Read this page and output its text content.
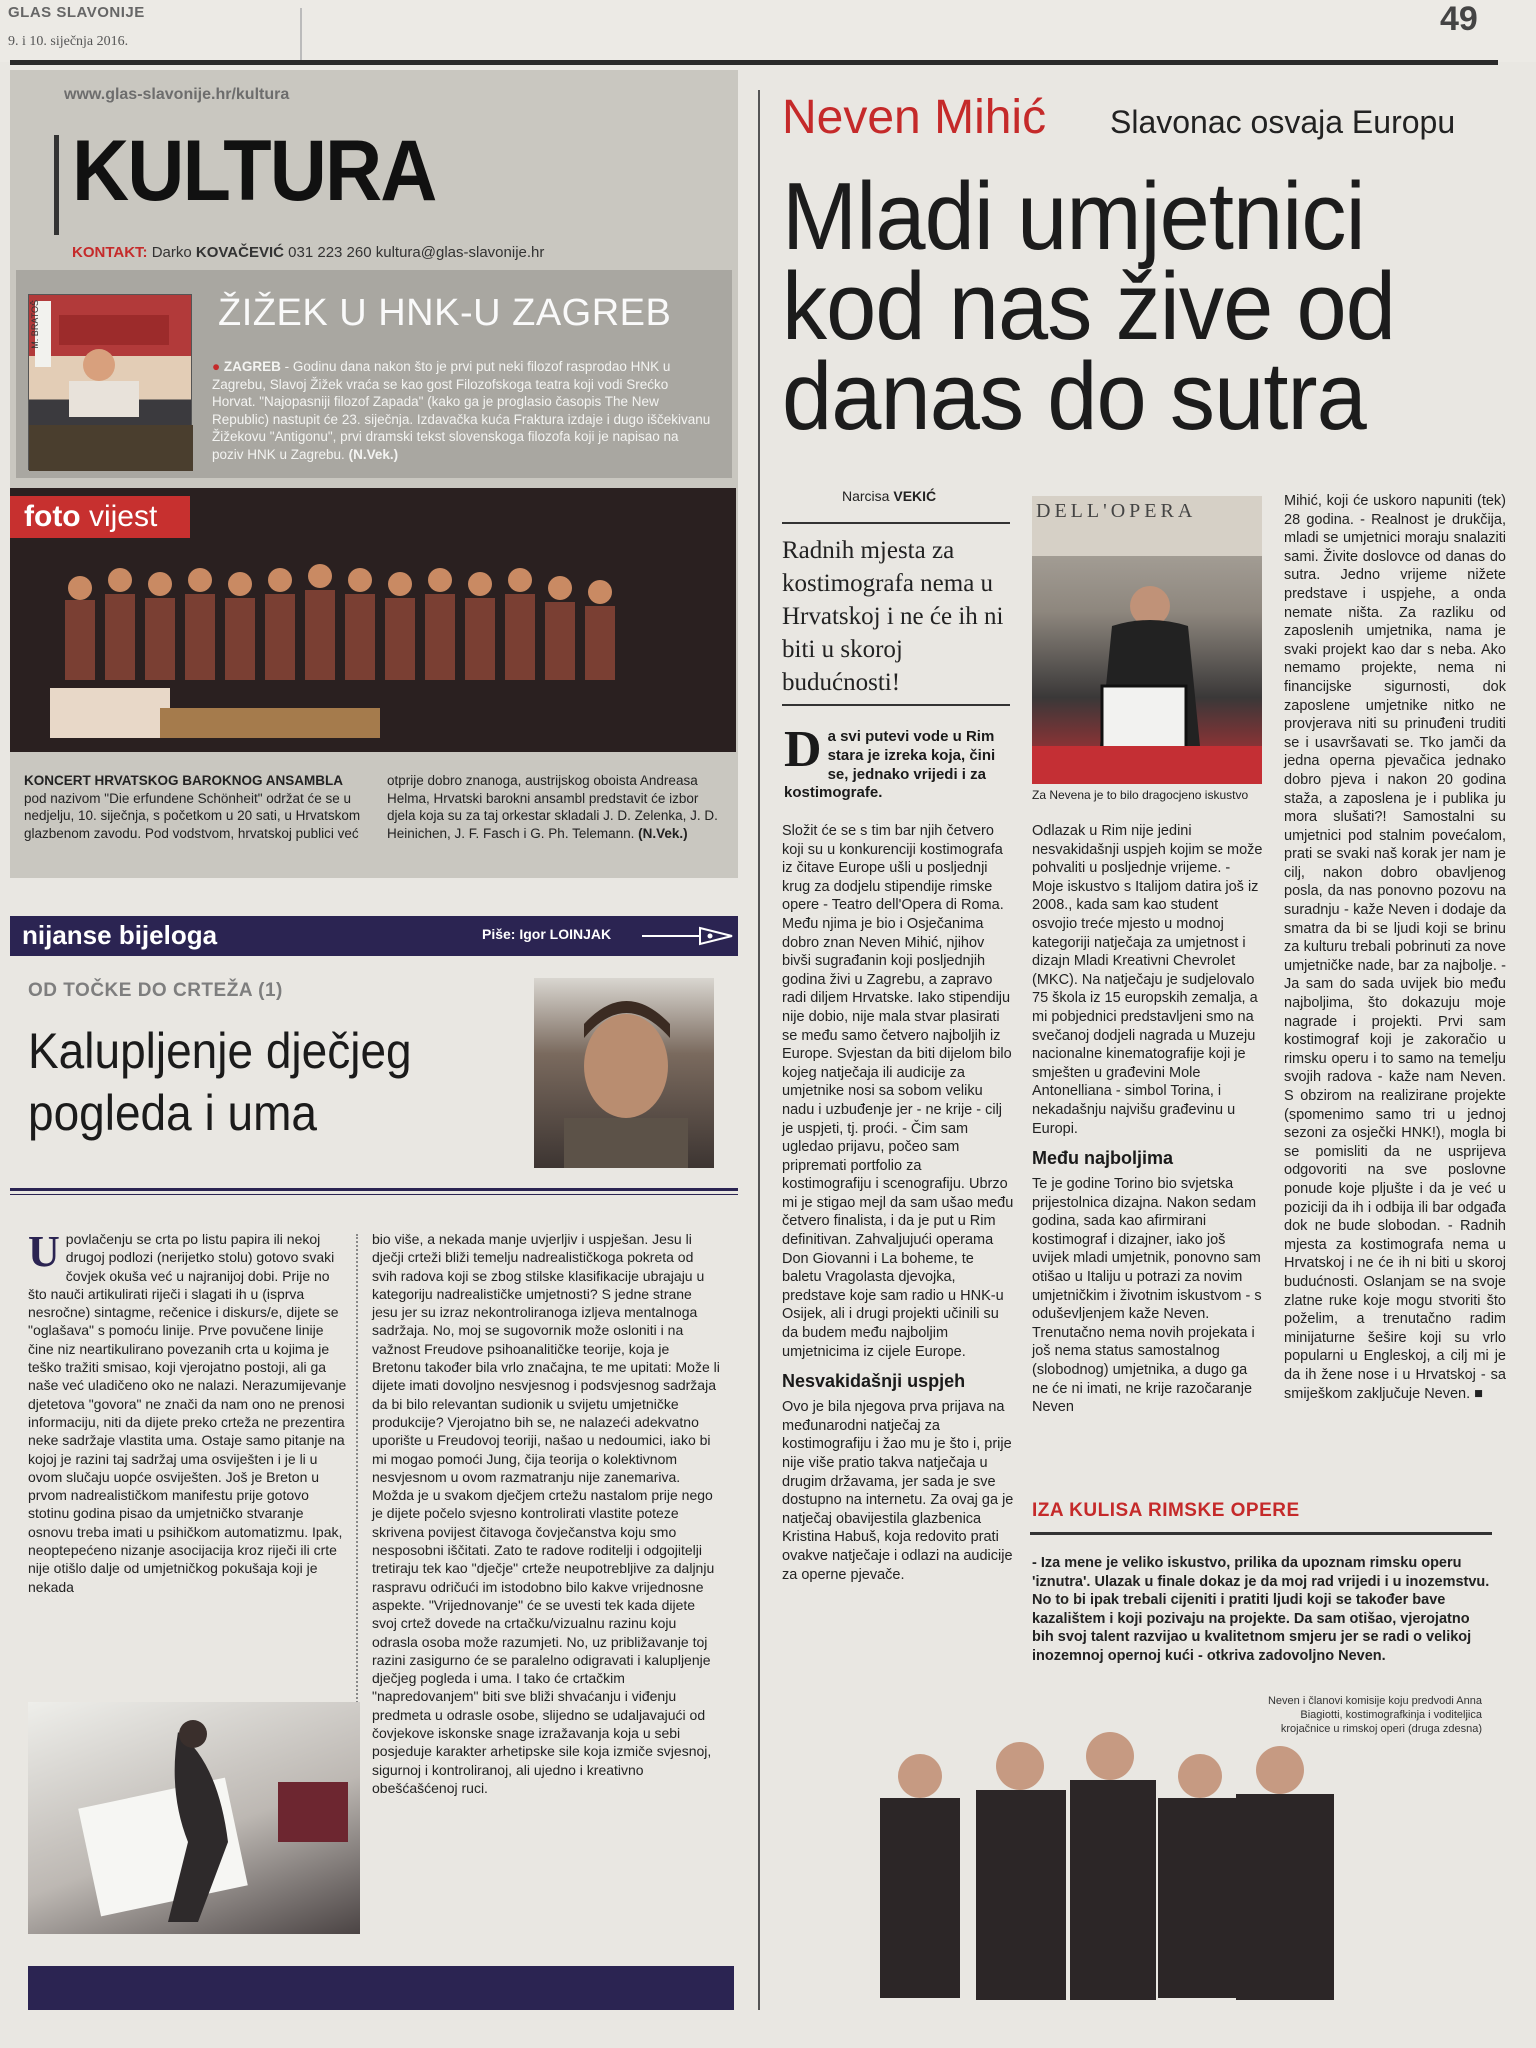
GLAS SLAVONIJE
9. i 10. siječnja 2016.
49
www.glas-slavonije.hr/kultura
KULTURA
KONTAKT: Darko KOVAČEVIĆ 031 223 260 kultura@glas-slavonije.hr
M. BRATOŠ	ŽIŽEK U HNK-U ZAGREB
● ZAGREB - Godinu dana nakon što je prvi put neki filozof rasprodao HNK u Zagrebu, Slavoj Žižek vraća se kao gost Filozofskoga teatra koji vodi Srećko Horvat. "Najopasniji filozof Zapada" (kako ga je proglasio časopis The New Republic) nastupit će 23. siječnja. Izdavačka kuća Fraktura izdaje i dugo iščekivanu Žižekovu "Antigonu", prvi dramski tekst slovenskoga filozofa koji je napisao na poziv HNK u Zagrebu. (N.Vek.)
foto vijest
KONCERT HRVATSKOG BAROKNOG ANSAMBLA pod nazivom "Die erfundene Schönheit" održat će se u nedjelju, 10. siječnja, s početkom u 20 sati, u Hrvatskom glazbenom zavodu. Pod vodstvom, hrvatskoj publici već otprije dobro znanoga, austrijskog oboista Andreasa Helma, Hrvatski barokni ansambl predstavit će izbor djela koja su za taj orkestar skladali J. D. Zelenka, J. D. Heinichen, J. F. Fasch i G. Ph. Telemann. (N.Vek.)
nijanse bijeloga	Piše: Igor LOINJAK
OD TOČKE DO CRTEŽA (1)
Kalupljenje dječjeg pogleda i uma
Upovlačenju se crta po listu papira ili nekoj drugoj podlozi (nerijetko stolu) gotovo svaki čovjek okuša već u najranijoj dobi. Prije no što nauči artikulirati riječi i slagati ih u (isprva nesročne) sintagme, rečenice i diskurs/e, dijete se "oglašava" s pomoću linije. Prve povučene linije čine niz neartikulirano povezanih crta u kojima je teško tražiti smisao, koji vjerojatno postoji, ali ga naše već uladičeno oko ne nalazi. Nerazumijevanje djetetova "govora" ne znači da nam ono ne prenosi informaciju, niti da dijete preko crteža ne prezentira neke sadržaje vlastita uma. Ostaje samo pitanje na kojoj je razini taj sadržaj uma osviješten i je li u ovom slučaju uopće osviješten. Još je Breton u prvom nadrealističkom manifestu prije gotovo stotinu godina pisao da umjetničko stvaranje osnovu treba imati u psihičkom automatizmu. Ipak, neoptерećeno nizanje asocijacija kroz riječi ili crte nije otišlo dalje od umjetničkog pokušaja koji je nekada
bio više, a nekada manje uvjerljiv i uspješan. Jesu li dječji crteži bliži temelju nadrealističkoga pokreta od svih radova koji se zbog stilske klasifikacije ubrajaju u kategoriju nadrealističke umjetnosti? S jedne strane jesu jer su izraz nekontroliranoga izljeva mentalnoga sadržaja. No, moj se sugovornik može osloniti i na važnost Freudove psihoanalitičke teorije, koja je Bretonu također bila vrlo značajna, te me upitati: Može li dijete imati dovoljno nesvjesnog i podsvjesnog sadržaja da bi bilo relevantan sudionik u svijetu umjetničke produkcije? Vjerojatno bih se, ne nalazeći adekvatno uporište u Freudovoj teoriji, našao u nedoumici, iako bi mi mogao pomoći Jung, čija teorija o kolektivnom nesvjesnom u ovom razmatranju nije zanemariva. Možda je u svakom dječjem crtežu nastalom prije nego je dijete počelo svjesno kontrolirati vlastite poteze skrivena povijest čitavoga čovječanstva koju smo nesposobni iščitati. Zato te radove roditelji i odgojitelji tretiraju tek kao "dječje" crteže neupotrebljive za daljnju raspravu odričući im istodobno bilo kakve vrijednosne aspekte. "Vrijednovanje" će se uvesti tek kada dijete svoj crtež dovede na crtačku/vizualnu razinu koju odrasla osoba može razumjeti. No, uz približavanje toj razini zasigurno će se paralelno odigravati i kalupljenje dječjeg pogleda i uma. I tako će crtačkim "napredovanjem" biti sve bliži shvaćanju i viđenju predmeta u odrasle osobe, slijedno se udaljavajući od čovjekove iskonske snage izražavanja koja u sebi posjeduje karakter arhetipske sile koja izmiče svjesnoj, sigurnoj i kontroliranoj, ali ujedno i kreativno obešćašćenoj ruci.
Neven Mihić Slavonac osvaja Europu
Mladi umjetnici kod nas žive od danas do sutra
Narcisa VEKIĆ
Radnih mjesta za kostimografa nema u Hrvatskoj i ne će ih ni biti u skoroj budućnosti!
Da svi putevi vode u Rim stara je izreka koja, čini se, jednako vrijedi i za kostimografe.
DELL'OPERA
Za Nevena je to bilo dragocjeno iskustvo
Složit će se s tim bar njih četvero koji su u konkurenciji kostimografa iz čitave Europe ušli u posljednji krug za dodjelu stipendije rimske opere - Teatro dell'Opera di Roma. Među njima je bio i Osječanima dobro znan Neven Mihić, njihov bivši sugrađanin koji posljednjih godina živi u Zagrebu, a zapravo radi diljem Hrvatske. Iako stipendiju nije dobio, nije mala stvar plasirati se među samo četvero najboljih iz Europe. Svjestan da biti dijelom bilo kojeg natječaja ili audicije za umjetnike nosi sa sobom veliku nadu i uzbuđenje jer - ne krije - cilj je uspjeti, tj. proći. - Čim sam ugledao prijavu, počeo sam pripremati portfolio za kostimografiju i scenografiju. Ubrzo mi je stigao mejl da sam ušao među četvero finalista, i da je put u Rim definitivan. Zahvaljujući operama Don Giovanni i La boheme, te baletu Vragolasta djevojka, predstave koje sam radio u HNK-u Osijek, ali i drugi projekti učinili su da budem među najboljim umjetnicima iz cijele Europe.
Nesvakidašnji uspjeh
Ovo je bila njegova prva prijava na međunarodni natječaj za kostimografiju i žao mu je što i, prije nije više pratio takva natječaja u drugim državama, jer sada je sve dostupno na internetu. Za ovaj ga je natječaj obavijestila glazbenica Kristina Habuš, koja redovito prati ovakve natječaje i odlazi na audicije za operne pjevače.
Odlazak u Rim nije jedini nesvakidašnji uspjeh kojim se može pohvaliti u posljednje vrijeme. - Moje iskustvo s Italijom datira još iz 2008., kada sam kao student osvojio treće mjesto u modnoj kategoriji natječaja za umjetnost i dizajn Mladi Kreativni Chevrolet (MKC). Na natječaju je sudjelovalo 75 škola iz 15 europskih zemalja, a mi pobjednici predstavljeni smo na svečanoj dodjeli nagrada u Muzeju nacionalne kinematografije koji je smješten u građevini Mole Antonelliana - simbol Torina, i nekadašnju najvišu građevinu u Europi.
Među najboljima
Te je godine Torino bio svjetska prijestolnica dizajna. Nakon sedam godina, sada kao afirmirani kostimograf i dizajner, iako još uvijek mladi umjetnik, ponovno sam otišao u Italiju u potrazi za novim umjetničkim i životnim iskustvom - s oduševljenjem kaže Neven. Trenutačno nema novih projekata i još nema status samostalnog (slobodnog) umjetnika, a dugo ga ne će ni imati, ne krije razočaranje Neven
Mihić, koji će uskoro napuniti (tek) 28 godina. - Realnost je drukčija, mladi se umjetnici moraju snalaziti sami. Živite doslovce od danas do sutra. Jedno vrijeme nižete predstave i uspjehe, a onda nemate ništa. Za razliku od zaposlenih umjetnika, nama je svaki projekt kao dar s neba. Ako nemamo projekte, nema ni financijske sigurnosti, dok zaposlene umjetnike nitko ne provjerava niti su prinuđeni truditi se i usavršavati se. Tko jamči da jedna operna pjevačica jednako dobro pjeva i nakon 20 godina staža, a zaposlena je i publika ju mora slušati?! Samostalni su umjetnici pod stalnim povećalom, prati se svaki naš korak jer nam je cilj, nakon dobro obavljenog posla, da nas ponovno pozovu na suradnju - kaže Neven i dodaje da smatra da bi se ljudi koji se brinu za kulturu trebali pobrinuti za nove umjetničke nade, bar za najbolje. - Ja sam do sada uvijek bio među najboljima, što dokazuju moje nagrade i projekti. Prvi sam kostimograf koji je zakoračio u rimsku operu i to samo na temelju svojih radova - kaže nam Neven. S obzirom na realizirane projekte (spomenimo samo tri u jednoj sezoni za osječki HNK!), mogla bi se pomisliti da ne usprijeva odgovoriti na sve poslovne ponude koje pljušte i da je već u poziciji da ih i odbija ili bar odgađa dok ne bude slobodan. - Radnih mjesta za kostimografa nema u Hrvatskoj i ne će ih ni biti u skoroj budućnosti. Oslanjam se na svoje zlatne ruke koje mogu stvoriti što poželim, a trenutačno radim minijaturne šešire koji su vrlo popularni u Engleskoj, a cilj mi je da ih žene nose i u Hrvatskoj - sa smiješkom zaključuje Neven. ■
IZA KULISA RIMSKE OPERE
- Iza mene je veliko iskustvo, prilika da upoznam rimsku operu 'iznutra'. Ulazak u finale dokaz je da moj rad vrijedi i u inozemstvu. No to bi ipak trebali cijeniti i pratiti ljudi koji se također bave kazalištem i koji pozivaju na projekte. Da sam otišao, vjerojatno bih svoj talent razvijao u kvalitetnom smjeru jer se radi o velikoj inozemnoj opernoj kući - otkriva zadovoljno Neven.
Neven i članovi komisije koju predvodi Anna Biagiotti, kostimografkinja i voditeljica krojačnice u rimskoj operi (druga zdesna)
